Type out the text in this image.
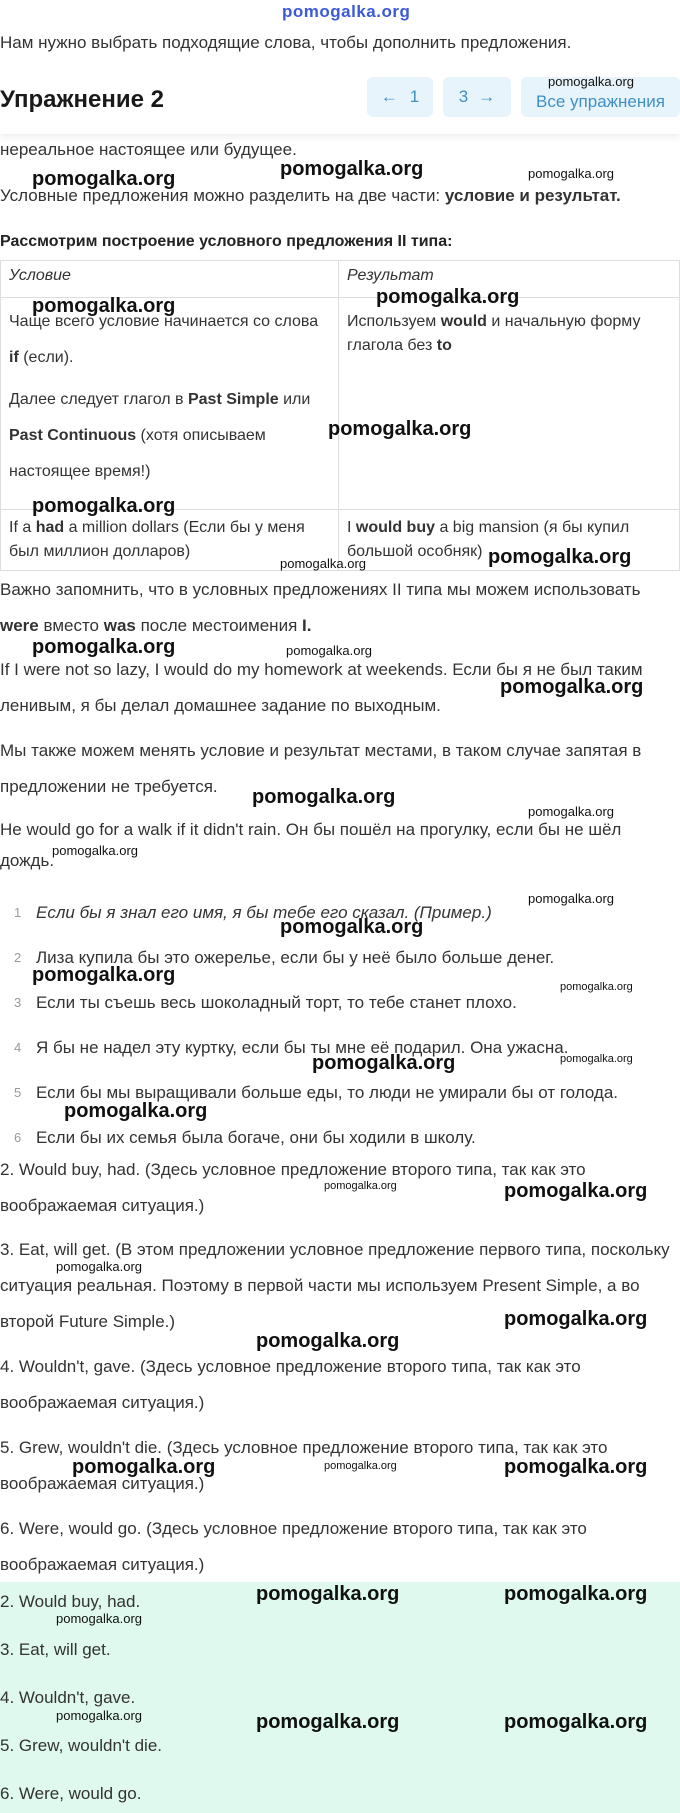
pomogalka.org

Нам нужно выбрать подходящие слова, чтобы дополнить предложения.

Упражнение 2	← 1 3 →	Все упражнения

нереальное настоящее или будущее.

Условные предложения можно разделить на две части: условие и результат.

Рассмотрим построение условного предложения II типа:

Условие	Результат

Чаще всего условие начинается со слова if (если).
Далее следует глагол в Past Simple или Past Continuous (хотя описываем настоящее время!)	Используем would и начальную форму глагола без to
If a had a million dollars (Если бы у меня был миллион долларов)	I would buy a big mansion (я бы купил большой особняк)

Важно запомнить, что в условных предложениях II типа мы можем использовать were вместо was после местоимения I.

If I were not so lazy, I would do my homework at weekends. Если бы я не был таким ленивым, я бы делал домашнее задание по выходным.

Мы также можем менять условие и результат местами, в таком случае запятая в предложении не требуется.

He would go for a walk if it didn't rain. Он бы пошёл на прогулку, если бы не шёл дождь.

1 Если бы я знал его имя, я бы тебе его сказал. (Пример.)
2 Лиза купила бы это ожерелье, если бы у неё было больше денег.
3 Если ты съешь весь шоколадный торт, то тебе станет плохо.
4 Я бы не надел эту куртку, если бы ты мне её подарил. Она ужасна.
5 Если бы мы выращивали больше еды, то люди не умирали бы от голода.
6 Если бы их семья была богаче, они бы ходили в школу.

2. Would buy, had. (Здесь условное предложение второго типа, так как это воображаемая ситуация.)

3. Eat, will get. (В этом предложении условное предложение первого типа, поскольку ситуация реальная. Поэтому в первой части мы используем Present Simple, а во второй Future Simple.)

4. Wouldn't, gave. (Здесь условное предложение второго типа, так как это воображаемая ситуация.)

5. Grew, wouldn't die. (Здесь условное предложение второго типа, так как это воображаемая ситуация.)

6. Were, would go. (Здесь условное предложение второго типа, так как это воображаемая ситуация.)

2. Would buy, had.
3. Eat, will get.
4. Wouldn't, gave.
5. Grew, wouldn't die.
6. Were, would go.
pomogalka.org
pomogalka.org	pomogalka.org	pomogalka.org
pomogalka.org
pomogalka.org
pomogalka.org
pomogalka.org
pomogalka.org	pomogalka.org
pomogalka.org	pomogalka.org
pomogalka.org
pomogalka.org
pomogalka.org
pomogalka.org
pomogalka.org
pomogalka.org
pomogalka.org
pomogalka.org
pomogalka.org
pomogalka.org
pomogalka.org
pomogalka.org	pomogalka.org
pomogalka.org
pomogalka.org
pomogalka.org
pomogalka.org	pomogalka.org	pomogalka.org
pomogalka.org	pomogalka.org
pomogalka.org
pomogalka.org	pomogalka.org	pomogalka.org
